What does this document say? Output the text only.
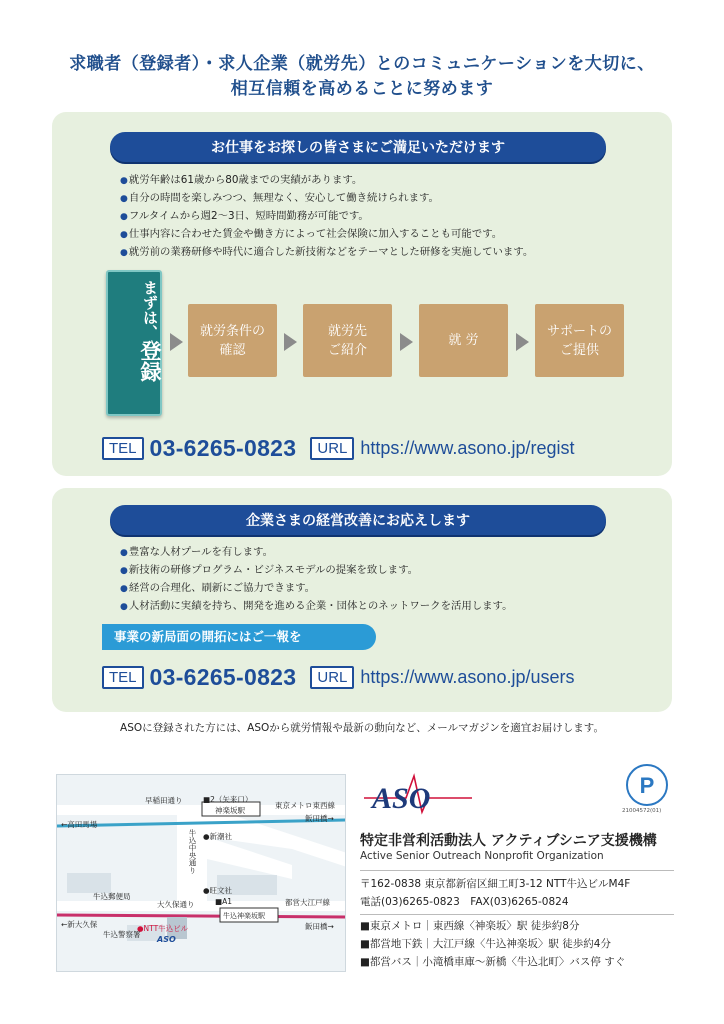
求職者（登録者）・求人企業（就労先）とのコミュニケーションを大切に、
相互信頼を高めることに努めます
お仕事をお探しの皆さまにご満足いただけます
● 就労年齢は61歳から80歳までの実績があります。
● 自分の時間を楽しみつつ、無理なく、安心して働き続けられます。
● フルタイムから週2〜3日、短時間勤務が可能です。
● 仕事内容に合わせた賃金や働き方によって社会保険に加入することも可能です。
● 就労前の業務研修や時代に適合した新技術などをテーマとした研修を実施しています。
まずは、登録
就労条件の
確認
就労先
ご紹介
就 労
サポートの
ご提供
TEL 03-6265-0823	URL https://www.asono.jp/regist
企業さまの経営改善にお応えします
● 豊富な人材プールを有します。
● 新技術の研修プログラム・ビジネスモデルの提案を致します。
● 経営の合理化、刷新にご協力できます。
● 人材活動に実績を持ち、開発を進める企業・団体とのネットワークを活用します。
事業の新局面の開拓にはご一報を
TEL 03-6265-0823	URL https://www.asono.jp/users
ASOに登録された方には、ASOから就労情報や最新の動向など、メールマガジンを適宜お届けします。
早稲田通り	■2（矢来口）
神楽坂駅
東京メトロ東西線
飯田橋→
←高田馬場
●新潮社
牛込中央通り
牛込郵便局
●旺文社
大久保通り	都営大江戸線
■A1
牛込神楽坂駅
←新大久保	飯田橋→
●NTT牛込ビル
牛込警察署
ASO
ASO	P
21004572(01)
特定非営利活動法人 アクティブシニア支援機構
Active Senior Outreach Nonprofit Organization
〒162-0838 東京都新宿区細工町3-12 NTT牛込ビルM4F
電話(03)6265-0823　FAX(03)6265-0824
■東京メトロ｜東西線〈神楽坂〉駅 徒歩約8分
■都営地下鉄｜大江戸線〈牛込神楽坂〉駅 徒歩約4分
■都営バス｜小滝橋車庫〜新橋〈牛込北町〉バス停 すぐ
